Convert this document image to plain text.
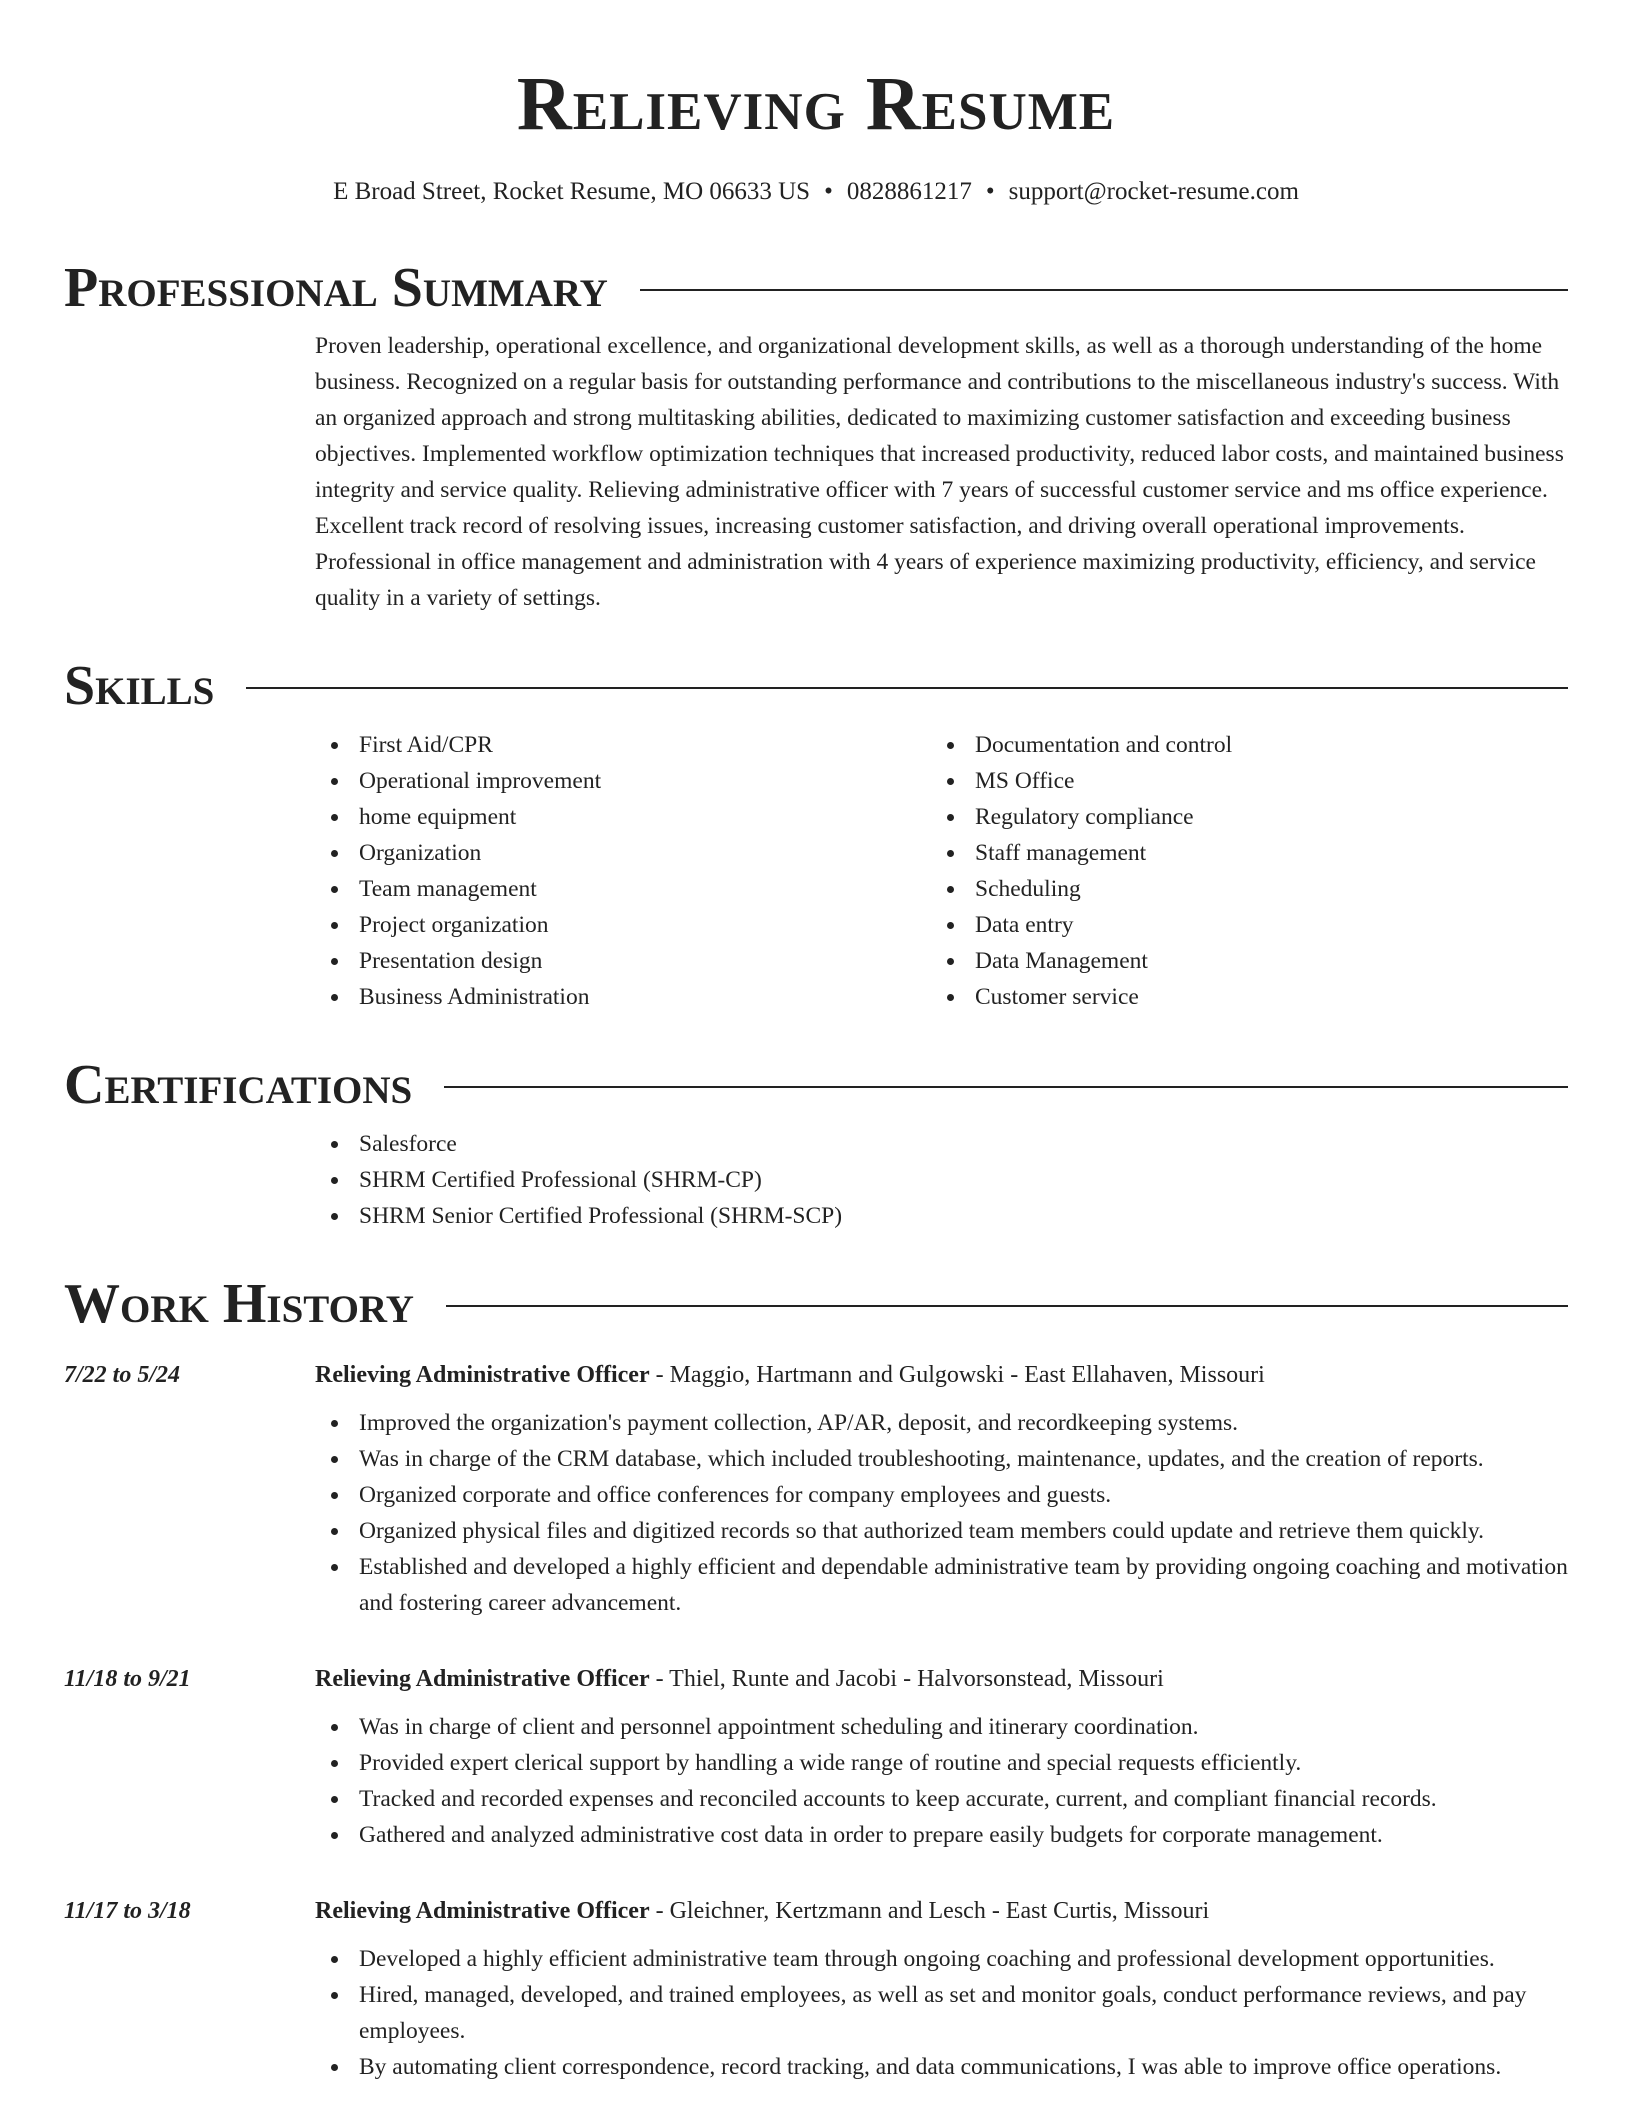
Relieving Resume
E Broad Street, Rocket Resume, MO 06633 US • 0828861217 • support@rocket-resume.com
Professional Summary

Proven leadership, operational excellence, and organizational development skills, as well as a thorough understanding of the home business. Recognized on a regular basis for outstanding performance and contributions to the miscellaneous industry's success. With an organized approach and strong multitasking abilities, dedicated to maximizing customer satisfaction and exceeding business objectives. Implemented workflow optimization techniques that increased productivity, reduced labor costs, and maintained business integrity and service quality. Relieving administrative officer with 7 years of successful customer service and ms office experience. Excellent track record of resolving issues, increasing customer satisfaction, and driving overall operational improvements. Professional in office management and administration with 4 years of experience maximizing productivity, efficiency, and service quality in a variety of settings.

Skills
First Aid/CPR
Operational improvement
home equipment
Organization
Team management
Project organization
Presentation design
Business Administration
Documentation and control
MS Office
Regulatory compliance
Staff management
Scheduling
Data entry
Data Management
Customer service
Certifications
Salesforce
SHRM Certified Professional (SHRM-CP)
SHRM Senior Certified Professional (SHRM-SCP)
Work History
7/22 to 5/24	Relieving Administrative Officer - Maggio, Hartmann and Gulgowski - East Ellahaven, Missouri
Improved the organization's payment collection, AP/AR, deposit, and recordkeeping systems.
Was in charge of the CRM database, which included troubleshooting, maintenance, updates, and the creation of reports.
Organized corporate and office conferences for company employees and guests.
Organized physical files and digitized records so that authorized team members could update and retrieve them quickly.
Established and developed a highly efficient and dependable administrative team by providing ongoing coaching and motivation and fostering career advancement.
11/18 to 9/21	Relieving Administrative Officer - Thiel, Runte and Jacobi - Halvorsonstead, Missouri
Was in charge of client and personnel appointment scheduling and itinerary coordination.
Provided expert clerical support by handling a wide range of routine and special requests efficiently.
Tracked and recorded expenses and reconciled accounts to keep accurate, current, and compliant financial records.
Gathered and analyzed administrative cost data in order to prepare easily budgets for corporate management.
11/17 to 3/18	Relieving Administrative Officer - Gleichner, Kertzmann and Lesch - East Curtis, Missouri
Developed a highly efficient administrative team through ongoing coaching and professional development opportunities.
Hired, managed, developed, and trained employees, as well as set and monitor goals, conduct performance reviews, and pay employees.
By automating client correspondence, record tracking, and data communications, I was able to improve office operations.
